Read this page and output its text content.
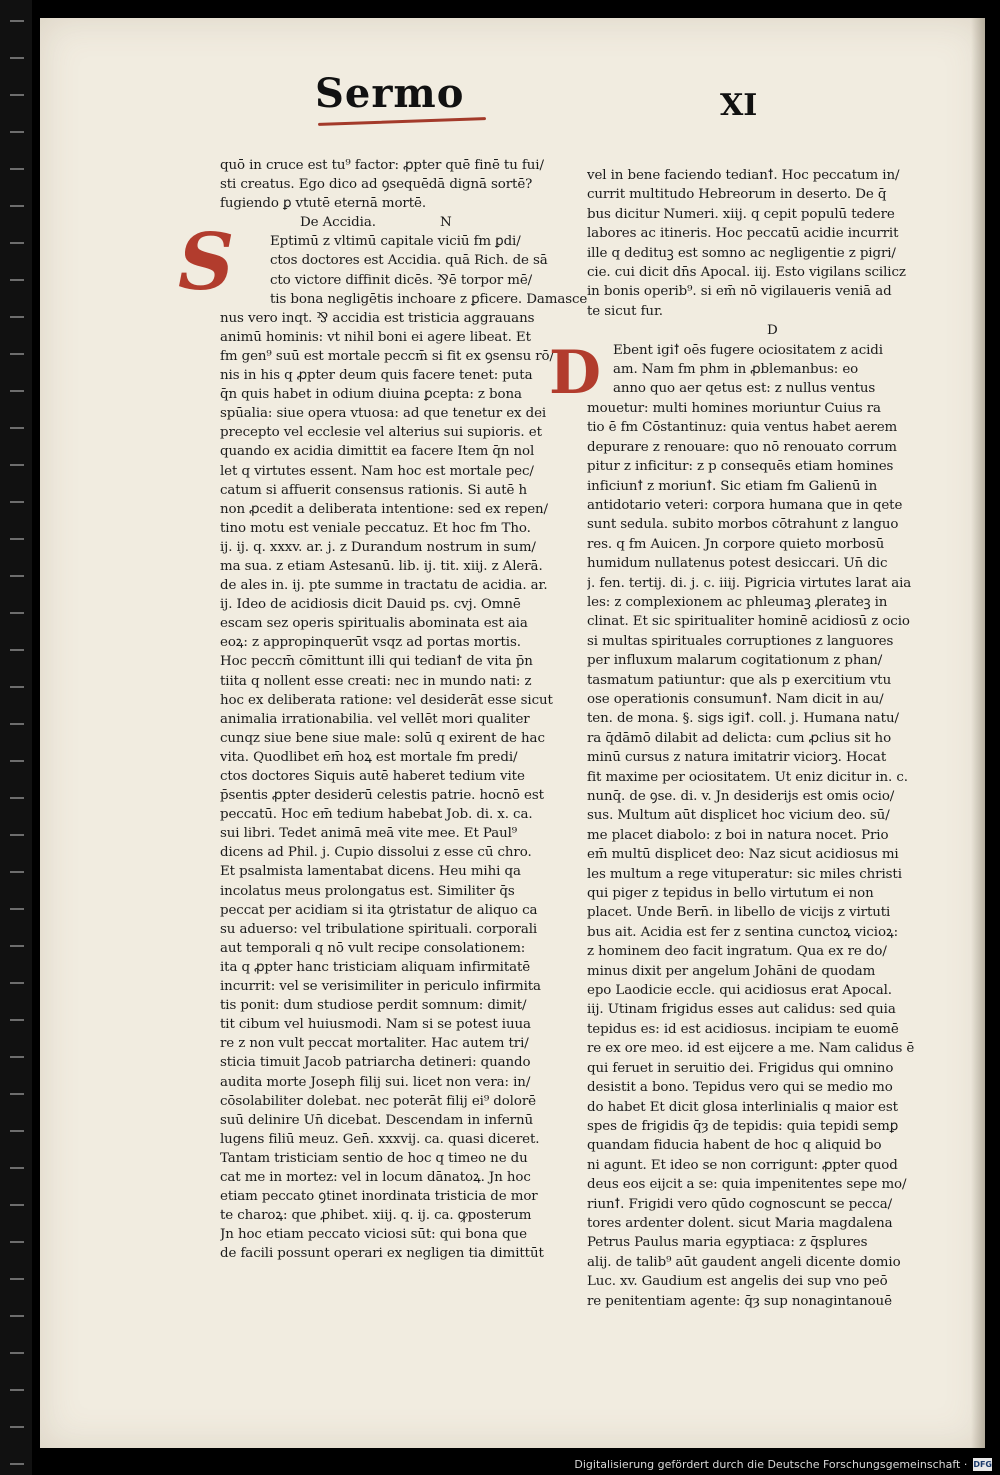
Sermo	XI
quō in cruce est tu⁹ factor: ꝓpter quē finē tu fui/
sti creatus. Ego dico ad ꝯsequēdā dignā sortē?
fugiendo ꝑ vtutē eternā mortē.
De Accidia.	N
S	Eptimū z vltimū capitale viciū fm ꝑdi/
ctos doctores est Accidia. quā Rich. de sā
cto victore diffinit dicēs. ⅋ē torpor mē/
tis bona negligētis inchoare z ꝑficere. Damasce
nus vero inqt. ⅋ accidia est tristicia aggrauans
animū hominis: vt nihil boni ei agere libeat. Et
fm gen⁹ suū est mortale peccm̄ si fit ex ꝯsensu rō/
nis in his q ꝓpter deum quis facere tenet: puta
q̄n quis habet in odium diuina ꝑcepta: z bona
spūalia: siue opera vtuosa: ad que tenetur ex dei
precepto vel ecclesie vel alterius sui supioris. et
quando ex acidia dimittit ea facere Item q̄n nol
let q virtutes essent. Nam hoc est mortale pec/
catum si affuerit consensus rationis. Si autē h
non ꝓcedit a deliberata intentione: sed ex repen/
tino motu est veniale peccatuz. Et hoc fm Tho.
ij. ij. q. xxxv. ar. j. z Durandum nostrum in sum/
ma sua. z etiam Astesanū. lib. ij. tit. xiij. z Alerā.
de ales in. ij. pte summe in tractatu de acidia. ar.
ij. Ideo de acidiosis dicit Dauid ps. cvj. Omnē
escam sez operis spiritualis abominata est aia
eoꝝ: z appropinquerūt vsqz ad portas mortis.
Hoc peccm̄ cōmittunt illi qui tedianꝉ de vita p̄n
tiita q nollent esse creati: nec in mundo nati: z
hoc ex deliberata ratione: vel desiderāt esse sicut
animalia irrationabilia. vel vellēt mori qualiter
cunqz siue bene siue male: solū q exirent de hac
vita. Quodlibet em̄ hoꝝ est mortale fm predi/
ctos doctores Siquis autē haberet tedium vite
p̄sentis ꝓpter desiderū celestis patrie. hocnō est
peccatū. Hoc em̄ tedium habebat Job. di. x. ca.
sui libri. Tedet animā meā vite mee. Et Paul⁹
dicens ad Phil. j. Cupio dissolui z esse cū chro.
Et psalmista lamentabat dicens. Heu mihi qa
incolatus meus prolongatus est. Similiter q̄s
peccat per acidiam si ita ꝯtristatur de aliquo ca
su aduerso: vel tribulatione spirituali. corporali
aut temporali q nō vult recipe consolationem:
ita q ꝓpter hanc tristiciam aliquam infirmitatē
incurrit: vel se verisimiliter in periculo infirmita
tis ponit: dum studiose perdit somnum: dimit/
tit cibum vel huiusmodi. Nam si se potest iuua
re z non vult peccat mortaliter. Hac autem tri/
sticia timuit Jacob patriarcha detineri: quando
audita morte Joseph filij sui. licet non vera: in/
cōsolabiliter dolebat. nec poterāt filij ei⁹ dolorē
suū delinire Un̄ dicebat. Descendam in infernū
lugens filiū meuz. Gen̄. xxxvij. ca. quasi diceret.
Tantam tristiciam sentio de hoc q timeo ne du
cat me in mortez: vel in locum dānatoꝝ. Jn hoc
etiam peccato ꝯtinet inordinata tristicia de mor
te charoꝝ: que ꝓhibet. xiij. q. ij. ca. ꝙposterum
Jn hoc etiam peccato viciosi sūt: qui bona que
de facili possunt operari ex negligen tia dimittūt
vel in bene faciendo tedianꝉ. Hoc peccatum in/
currit multitudo Hebreorum in deserto. De q̄
bus dicitur Numeri. xiij. q cepit populū tedere
labores ac itineris. Hoc peccatū acidie incurrit
ille q dedituꝫ est somno ac negligentie z pigri/
cie. cui dicit dn̄s Apocal. iij. Esto vigilans scilicz
in bonis operib⁹. si em̄ nō vigilaueris veniā ad
te sicut fur.
D
D Ebent igiꝉ oēs fugere ociositatem z acidi
am. Nam fm phm in ꝓblemanbus: eo
anno quo aer qetus est: z nullus ventus
mouetur: multi homines moriuntur Cuius ra
tio ē fm Cōstantinuz: quia ventus habet aerem
depurare z renouare: quo nō renouato corrum
pitur z inficitur: z p consequēs etiam homines
inficiunꝉ z moriunꝉ. Sic etiam fm Galienū in
antidotario veteri: corpora humana que in qete
sunt sedula. subito morbos cōtrahunt z languo
res. q fm Auicen. Jn corpore quieto morbosū
humidum nullatenus potest desiccari. Un̄ dic
j. fen. tertij. di. j. c. iiij. Pigricia virtutes larat aia
les: z complexionem ac phleumaꝫ ꝓlerateꝫ in
clinat. Et sic spiritualiter hominē acidiosū z ocio
si multas spirituales corruptiones z languores
per influxum malarum cogitationum z phan/
tasmatum patiuntur: que als p exercitium vtu
ose operationis consumunꝉ. Nam dicit in au/
ten. de mona. §. sigs igiꝉ. coll. j. Humana natu/
ra q̄dāmō dilabit ad delicta: cum ꝓclius sit ho
minū cursus z natura imitatrir viciorꝫ. Hocat
fit maxime per ociositatem. Ut eniz dicitur in. c.
nunq̄. de ꝯse. di. v. Jn desiderijs est omis ocio/
sus. Multum aūt displicet hoc vicium deo. sū/
me placet diabolo: z boi in natura nocet. Prio
em̄ multū displicet deo: Naz sicut acidiosus mi
les multum a rege vituperatur: sic miles christi
qui piger z tepidus in bello virtutum ei non
placet. Unde Bern̄. in libello de vicijs z virtuti
bus ait. Acidia est fer z sentina cunctoꝝ vicioꝝ:
z hominem deo facit ingratum. Qua ex re do/
minus dixit per angelum Johāni de quodam
epo Laodicie eccle. qui acidiosus erat Apocal.
iij. Utinam frigidus esses aut calidus: sed quia
tepidus es: id est acidiosus. incipiam te euomē
re ex ore meo. id est eijcere a me. Nam calidus ē
qui feruet in seruitio dei. Frigidus qui omnino
desistit a bono. Tepidus vero qui se medio mo
do habet Et dicit glosa interlinialis q maior est
spes de frigidis q̄ȝ de tepidis: quia tepidi semꝑ
quandam fiducia habent de hoc q aliquid bo
ni agunt. Et ideo se non corrigunt: ꝓpter quod
deus eos eijcit a se: quia impenitentes sepe mo/
riunꝉ. Frigidi vero qūdo cognoscunt se pecca/
tores ardenter dolent. sicut Maria magdalena
Petrus Paulus maria egyptiaca: z q̄splures
alij. de talib⁹ aūt gaudent angeli dicente domio
Luc. xv. Gaudium est angelis dei sup vno peō
re penitentiam agente: q̄ȝ sup nonagintanouē
Digitalisierung gefördert durch die Deutsche Forschungsgemeinschaft · DFG
